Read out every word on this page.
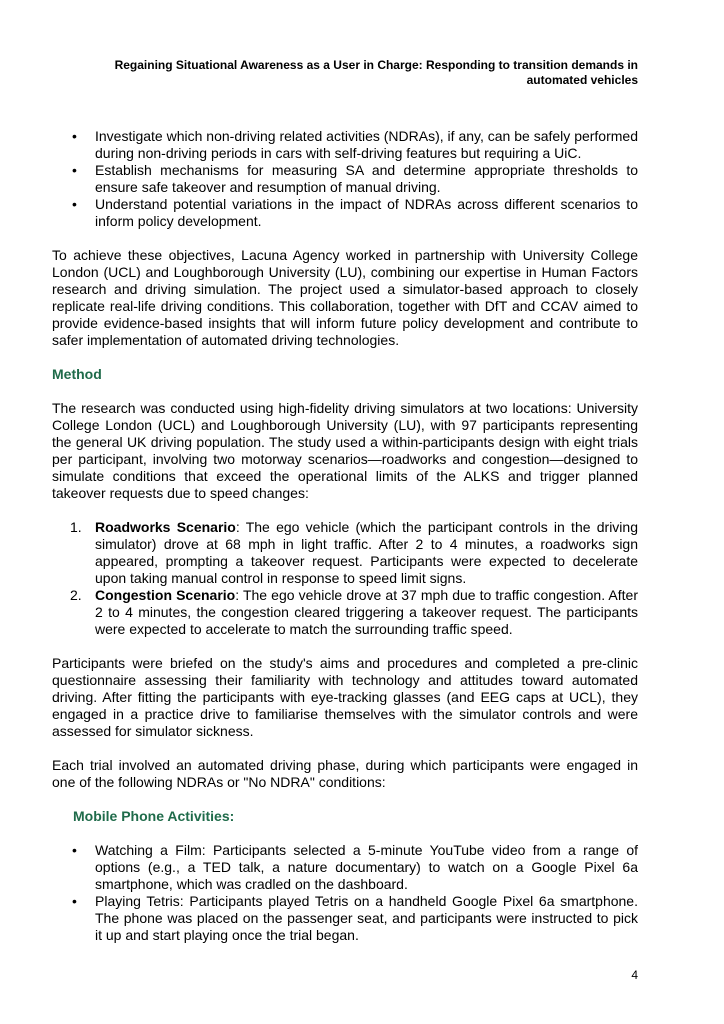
Regaining Situational Awareness as a User in Charge: Responding to transition demands in
automated vehicles
• Investigate which non-driving related activities (NDRAs), if any, can be safely performed during non-driving periods in cars with self-driving features but requiring a UiC.
• Establish mechanisms for measuring SA and determine appropriate thresholds to ensure safe takeover and resumption of manual driving.
• Understand potential variations in the impact of NDRAs across different scenarios to inform policy development.

To achieve these objectives, Lacuna Agency worked in partnership with University College London (UCL) and Loughborough University (LU), combining our expertise in Human Factors research and driving simulation. The project used a simulator-based approach to closely replicate real-life driving conditions. This collaboration, together with DfT and CCAV aimed to provide evidence-based insights that will inform future policy development and contribute to safer implementation of automated driving technologies.

Method

The research was conducted using high-fidelity driving simulators at two locations: University College London (UCL) and Loughborough University (LU), with 97 participants representing the general UK driving population. The study used a within-participants design with eight trials per participant, involving two motorway scenarios—roadworks and congestion—designed to simulate conditions that exceed the operational limits of the ALKS and trigger planned takeover requests due to speed changes:

1. Roadworks Scenario: The ego vehicle (which the participant controls in the driving simulator) drove at 68 mph in light traffic. After 2 to 4 minutes, a roadworks sign appeared, prompting a takeover request. Participants were expected to decelerate upon taking manual control in response to speed limit signs.
2. Congestion Scenario: The ego vehicle drove at 37 mph due to traffic congestion. After 2 to 4 minutes, the congestion cleared triggering a takeover request. The participants were expected to accelerate to match the surrounding traffic speed.

Participants were briefed on the study's aims and procedures and completed a pre-clinic questionnaire assessing their familiarity with technology and attitudes toward automated driving. After fitting the participants with eye-tracking glasses (and EEG caps at UCL), they engaged in a practice drive to familiarise themselves with the simulator controls and were assessed for simulator sickness.

Each trial involved an automated driving phase, during which participants were engaged in one of the following NDRAs or "No NDRA" conditions:

Mobile Phone Activities:

• Watching a Film: Participants selected a 5-minute YouTube video from a range of options (e.g., a TED talk, a nature documentary) to watch on a Google Pixel 6a smartphone, which was cradled on the dashboard.
• Playing Tetris: Participants played Tetris on a handheld Google Pixel 6a smartphone. The phone was placed on the passenger seat, and participants were instructed to pick it up and start playing once the trial began.
4
